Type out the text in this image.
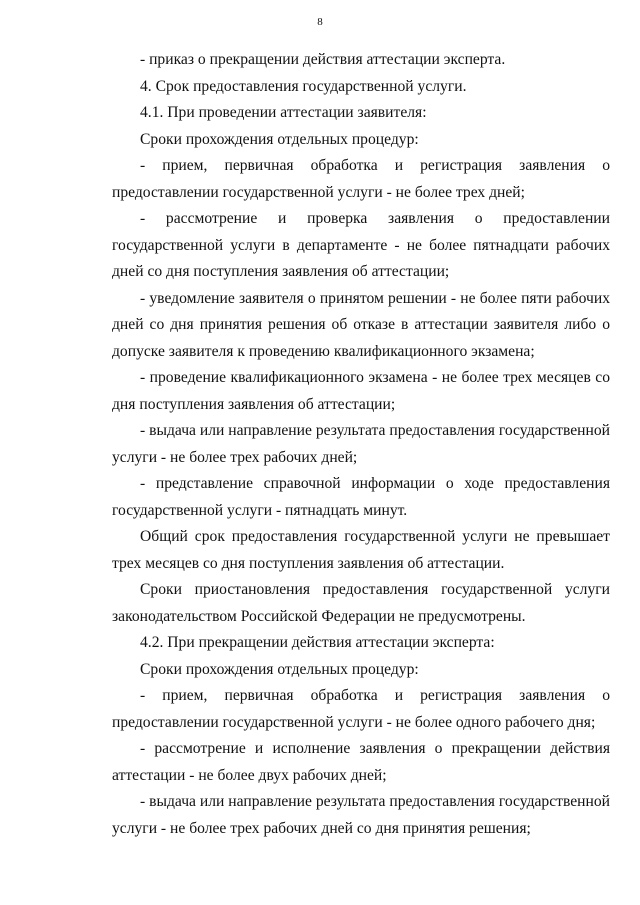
8

- приказ о прекращении действия аттестации эксперта.

4. Срок предоставления государственной услуги.

4.1. При проведении аттестации заявителя:

Сроки прохождения отдельных процедур:

- прием, первичная обработка и регистрация заявления о предоставлении государственной услуги - не более трех дней;

- рассмотрение и проверка заявления о предоставлении государственной услуги в департаменте - не более пятнадцати рабочих дней со дня поступления заявления об аттестации;

- уведомление заявителя о принятом решении - не более пяти рабочих дней со дня принятия решения об отказе в аттестации заявителя либо о допуске заявителя к проведению квалификационного экзамена;

- проведение квалификационного экзамена - не более трех месяцев со дня поступления заявления об аттестации;

- выдача или направление результата предоставления государственной услуги - не более трех рабочих дней;

- представление справочной информации о ходе предоставления государственной услуги - пятнадцать минут.

Общий срок предоставления государственной услуги не превышает трех месяцев со дня поступления заявления об аттестации.

Сроки приостановления предоставления государственной услуги законодательством Российской Федерации не предусмотрены.

4.2. При прекращении действия аттестации эксперта:

Сроки прохождения отдельных процедур:

- прием, первичная обработка и регистрация заявления о предоставлении государственной услуги - не более одного рабочего дня;

- рассмотрение и исполнение заявления о прекращении действия аттестации - не более двух рабочих дней;

- выдача или направление результата предоставления государственной услуги - не более трех рабочих дней со дня принятия решения;
